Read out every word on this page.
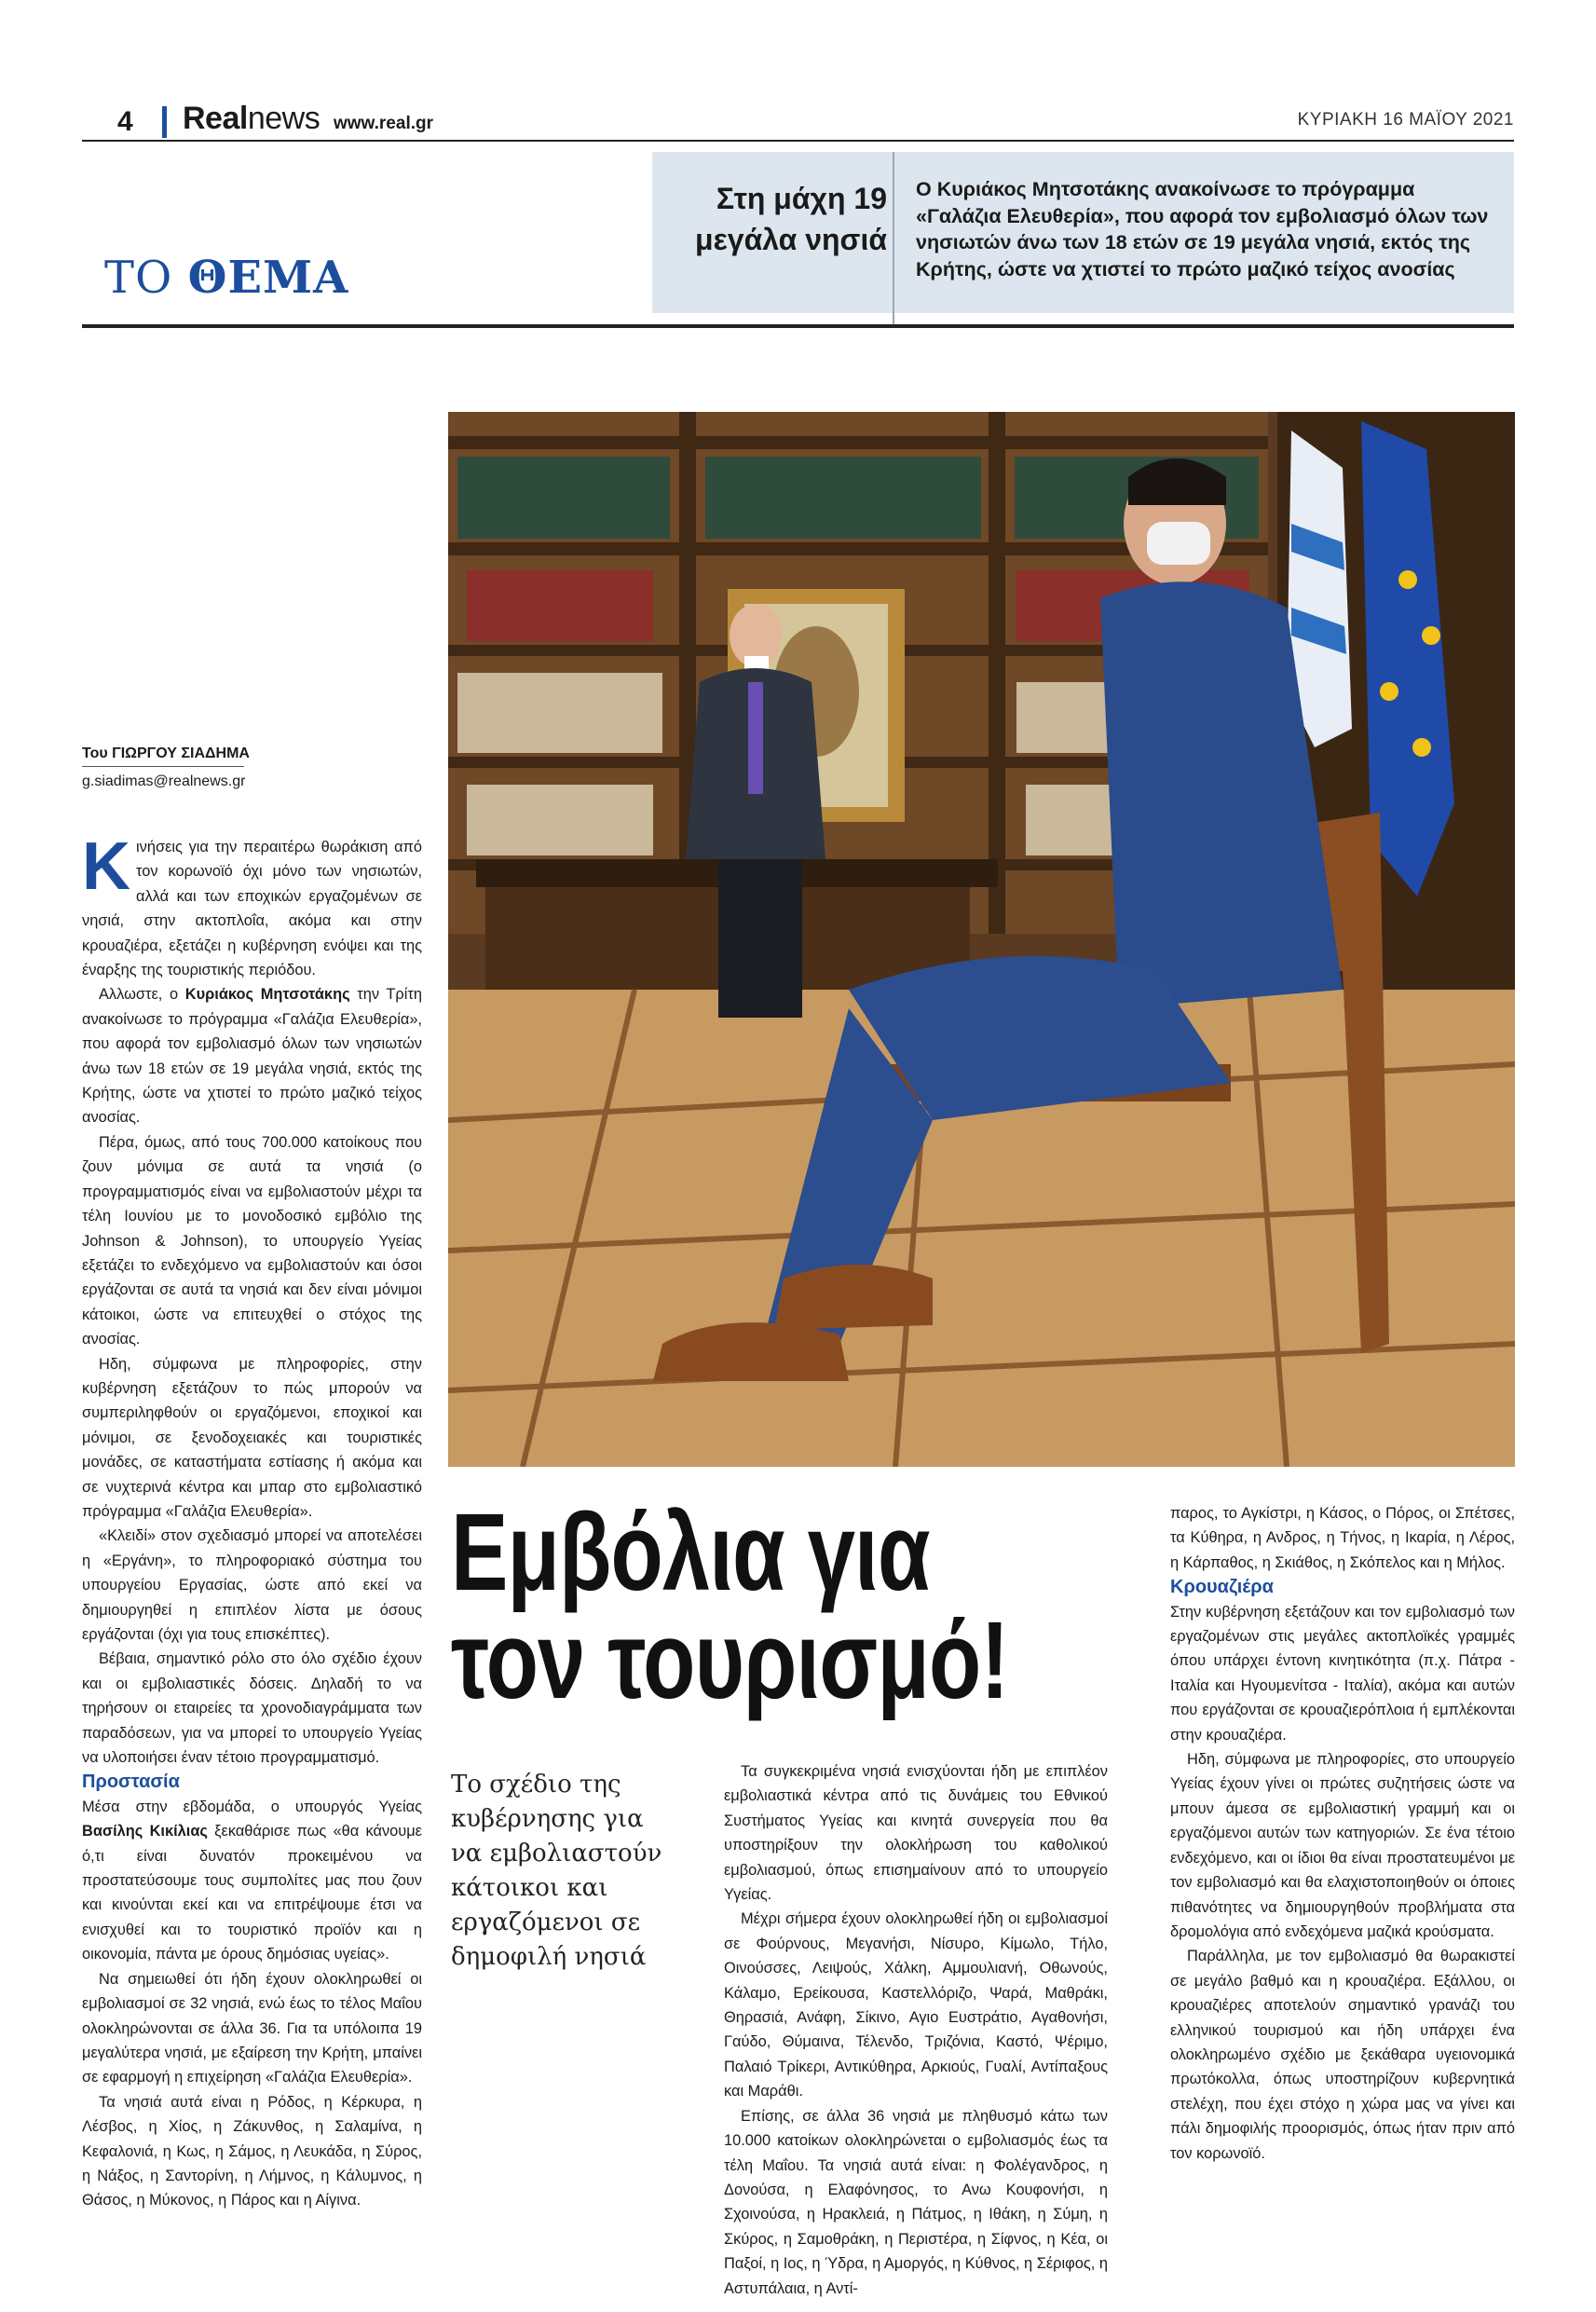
4 Realnews www.real.gr	ΚΥΡΙΑΚΗ 16 ΜΑΪΟΥ 2021
ΤΟ ΘΕΜΑ
Στη μάχη 19 μεγάλα νησιά
Ο Κυριάκος Μητσοτάκης ανακοίνωσε το πρόγραμμα «Γαλάζια Ελευθερία», που αφορά τον εμβολιασμό όλων των νησιωτών άνω των 18 ετών σε 19 μεγάλα νησιά, εκτός της Κρήτης, ώστε να χτιστεί το πρώτο μαζικό τείχος ανοσίας
Του ΓΙΩΡΓΟΥ ΣΙΑΔΗΜΑ
g.siadimas@realnews.gr

Κινήσεις για την περαιτέρω θωράκιση από τον κορωνοϊό όχι μόνο των νησιωτών, αλλά και των εποχικών εργαζομένων σε νησιά, στην ακτοπλοΐα, ακόμα και στην κρουαζιέρα, εξετάζει η κυβέρνηση ενόψει και της έναρξης της τουριστικής περιόδου.

Αλλωστε, ο Κυριάκος Μητσοτάκης την Τρίτη ανακοίνωσε το πρόγραμμα «Γαλάζια Ελευθερία», που αφορά τον εμβολιασμό όλων των νησιωτών άνω των 18 ετών σε 19 μεγάλα νησιά, εκτός της Κρήτης, ώστε να χτιστεί το πρώτο μαζικό τείχος ανοσίας.

Πέρα, όμως, από τους 700.000 κατοίκους που ζουν μόνιμα σε αυτά τα νησιά (ο προγραμματισμός είναι να εμβολιαστούν μέχρι τα τέλη Ιουνίου με το μονοδοσικό εμβόλιο της Johnson & Johnson), το υπουργείο Υγείας εξετάζει το ενδεχόμενο να εμβολιαστούν και όσοι εργάζονται σε αυτά τα νησιά και δεν είναι μόνιμοι κάτοικοι, ώστε να επιτευχθεί ο στόχος της ανοσίας.

Ηδη, σύμφωνα με πληροφορίες, στην κυβέρνηση εξετάζουν το πώς μπορούν να συμπεριληφθούν οι εργαζόμενοι, εποχικοί και μόνιμοι, σε ξενοδοχειακές και τουριστικές μονάδες, σε καταστήματα εστίασης ή ακόμα και σε νυχτερινά κέντρα και μπαρ στο εμβολιαστικό πρόγραμμα «Γαλάζια Ελευθερία».

«Κλειδί» στον σχεδιασμό μπορεί να αποτελέσει η «Εργάνη», το πληροφοριακό σύστημα του υπουργείου Εργασίας, ώστε από εκεί να δημιουργηθεί η επιπλέον λίστα με όσους εργάζονται (όχι για τους επισκέπτες).

Βέβαια, σημαντικό ρόλο στο όλο σχέδιο έχουν και οι εμβολιαστικές δόσεις. Δηλαδή το να τηρήσουν οι εταιρείες τα χρονοδιαγράμματα των παραδόσεων, για να μπορεί το υπουργείο Υγείας να υλοποιήσει έναν τέτοιο προγραμματισμό.

Προστασία

Μέσα στην εβδομάδα, ο υπουργός Υγείας Βασίλης Κικίλιας ξεκαθάρισε πως «θα κάνουμε ό,τι είναι δυνατόν προκειμένου να προστατεύσουμε τους συμπολίτες μας που ζουν και κινούνται εκεί και να επιτρέψουμε έτσι να ενισχυθεί και το τουριστικό προϊόν και η οικονομία, πάντα με όρους δημόσιας υγείας».

Να σημειωθεί ότι ήδη έχουν ολοκληρωθεί οι εμβολιασμοί σε 32 νησιά, ενώ έως το τέλος Μαΐου ολοκληρώνονται σε άλλα 36. Για τα υπόλοιπα 19 μεγαλύτερα νησιά, με εξαίρεση την Κρήτη, μπαίνει σε εφαρμογή η επιχείρηση «Γαλάζια Ελευθερία».

Τα νησιά αυτά είναι η Ρόδος, η Κέρκυρα, η Λέσβος, η Χίος, η Ζάκυνθος, η Σαλαμίνα, η Κεφαλονιά, η Κως, η Σάμος, η Λευκάδα, η Σύρος, η Νάξος, η Σαντορίνη, η Λήμνος, η Κάλυμνος, η Θάσος, η Μύκονος, η Πάρος και η Αίγινα.

Εμβόλια για
τον τουρισμό!
Το σχέδιο της κυβέρνησης για να εμβολιαστούν κάτοικοι και εργαζόμενοι σε δημοφιλή νησιά

Τα συγκεκριμένα νησιά ενισχύονται ήδη με επιπλέον εμβολιαστικά κέντρα από τις δυνάμεις του Εθνικού Συστήματος Υγείας και κινητά συνεργεία που θα υποστηρίξουν την ολοκλήρωση του καθολικού εμβολιασμού, όπως επισημαίνουν από το υπουργείο Υγείας.

Μέχρι σήμερα έχουν ολοκληρωθεί ήδη οι εμβολιασμοί σε Φούρνους, Μεγανήσι, Νίσυρο, Κίμωλο, Τήλο, Οινούσσες, Λειψούς, Χάλκη, Αμμουλιανή, Οθωνούς, Κάλαμο, Ερείκουσα, Καστελλόριζο, Ψαρά, Μαθράκι, Θηρασιά, Ανάφη, Σίκινο, Αγιο Ευστράτιο, Αγαθονήσι, Γαύδο, Θύμαινα, Τέλενδο, Τριζόνια, Καστό, Ψέριμο, Παλαιό Τρίκερι, Αντικύθηρα, Αρκιούς, Γυαλί, Αντίπαξους και Μαράθι.

Επίσης, σε άλλα 36 νησιά με πληθυσμό κάτω των 10.000 κατοίκων ολοκληρώνεται ο εμβολιασμός έως τα τέλη Μαΐου. Τα νησιά αυτά είναι: η Φολέγανδρος, η Δονούσα, η Ελαφόνησος, το Ανω Κουφονήσι, η Σχοινούσα, η Ηρακλειά, η Πάτμος, η Ιθάκη, η Σύμη, η Σκύρος, η Σαμοθράκη, η Περιστέρα, η Σίφνος, η Κέα, οι Παξοί, η Ιος, η Ύδρα, η Αμοργός, η Κύθνος, η Σέριφος, η Αστυπάλαια, η Αντί-

παρος, το Αγκίστρι, η Κάσος, ο Πόρος, οι Σπέτσες, τα Κύθηρα, η Ανδρος, η Τήνος, η Ικαρία, η Λέρος, η Κάρπαθος, η Σκιάθος, η Σκόπελος και η Μήλος.

Κρουαζιέρα

Στην κυβέρνηση εξετάζουν και τον εμβολιασμό των εργαζομένων στις μεγάλες ακτοπλοϊκές γραμμές όπου υπάρχει έντονη κινητικότητα (π.χ. Πάτρα - Ιταλία και Ηγουμενίτσα - Ιταλία), ακόμα και αυτών που εργάζονται σε κρουαζιερόπλοια ή εμπλέκονται στην κρουαζιέρα.

Ηδη, σύμφωνα με πληροφορίες, στο υπουργείο Υγείας έχουν γίνει οι πρώτες συζητήσεις ώστε να μπουν άμεσα σε εμβολιαστική γραμμή και οι εργαζόμενοι αυτών των κατηγοριών. Σε ένα τέτοιο ενδεχόμενο, και οι ίδιοι θα είναι προστατευμένοι με τον εμβολιασμό και θα ελαχιστοποιηθούν οι όποιες πιθανότητες να δημιουργηθούν προβλήματα στα δρομολόγια από ενδεχόμενα μαζικά κρούσματα.

Παράλληλα, με τον εμβολιασμό θα θωρακιστεί σε μεγάλο βαθμό και η κρουαζιέρα. Εξάλλου, οι κρουαζιέρες αποτελούν σημαντικό γρανάζι του ελληνικού τουρισμού και ήδη υπάρχει ένα ολοκληρωμένο σχέδιο με ξεκάθαρα υγειονομικά πρωτόκολλα, όπως υποστηρίζουν κυβερνητικά στελέχη, που έχει στόχο η χώρα μας να γίνει και πάλι δημοφιλής προορισμός, όπως ήταν πριν από τον κορωνοϊό.
